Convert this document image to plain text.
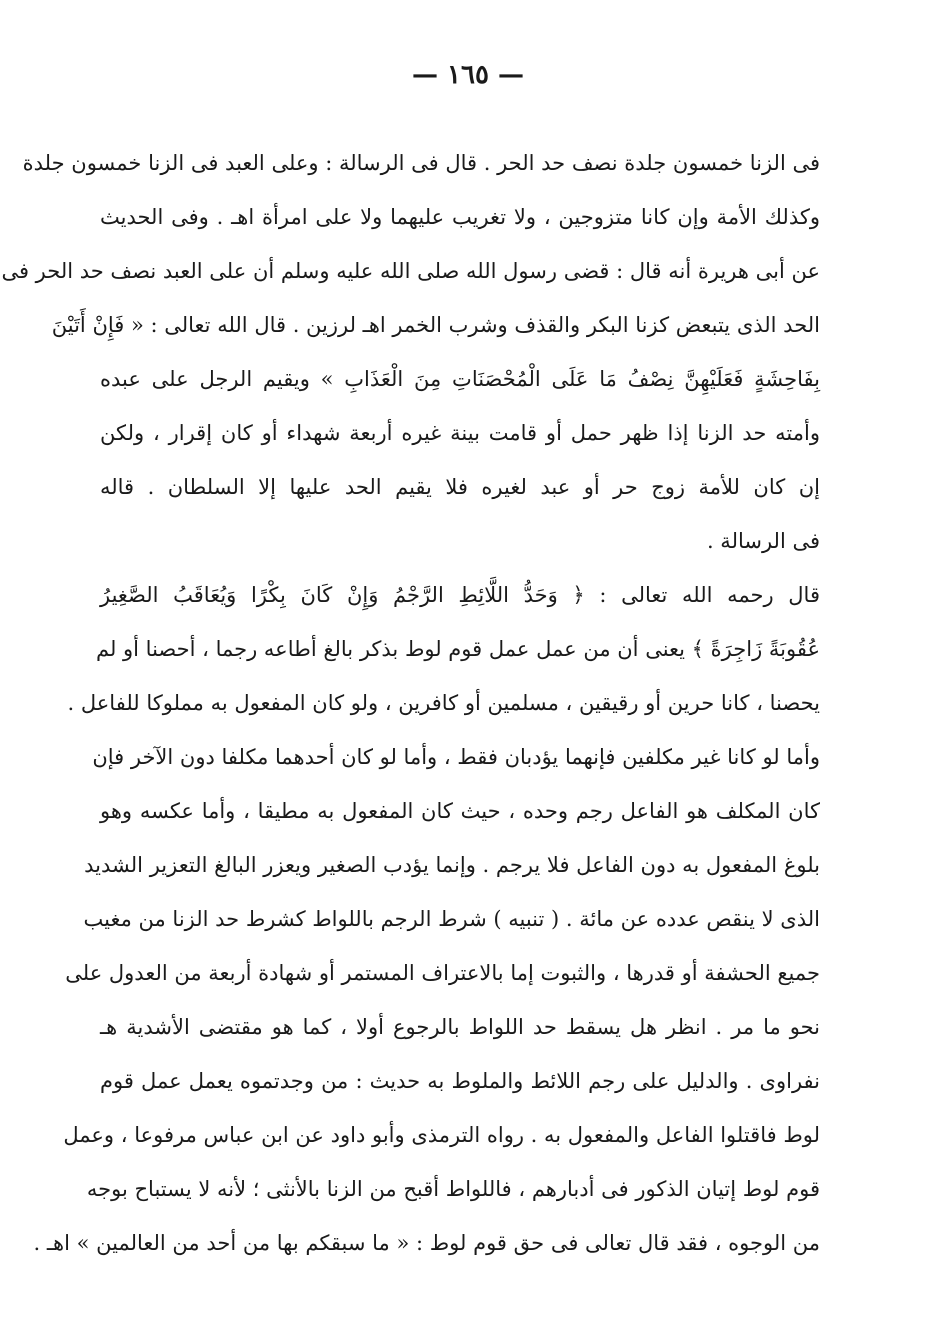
— ١٦٥ —
فى الزنا خمسون جلدة نصف حد الحر . قال فى الرسالة : وعلى العبد فى الزنا خمسون جلدة
وكذلك الأمة وإن كانا متزوجين ، ولا تغريب عليهما ولا على امرأة اهـ . وفى الحديث
عن أبى هريرة أنه قال : قضى رسول الله صلى الله عليه وسلم أن على العبد نصف حد الحر فى
الحد الذى يتبعض كزنا البكر والقذف وشرب الخمر اهـ لرزين . قال الله تعالى : « فَإِنْ أَتَيْنَ
بِفَاحِشَةٍ فَعَلَيْهِنَّ نِصْفُ مَا عَلَى الْمُحْصَنَاتِ مِنَ الْعَذَابِ » ويقيم الرجل على عبده
وأمته حد الزنا إذا ظهر حمل أو قامت بينة غيره أربعة شهداء أو كان إقرار ، ولكن
إن كان للأمة زوج حر أو عبد لغيره فلا يقيم الحد عليها إلا السلطان . قاله
فى الرسالة .
قال رحمه الله تعالى : ﴿ وَحَدُّ اللَّائِطِ الرَّجْمُ وَإِنْ كَانَ بِكْرًا وَيُعَاقَبُ الصَّغِيرُ
عُقُوبَةً زَاجِرَةً ﴾ يعنى أن من عمل عمل قوم لوط بذكر بالغ أطاعه رجما ، أحصنا أو لم
يحصنا ، كانا حرين أو رقيقين ، مسلمين أو كافرين ، ولو كان المفعول به مملوكا للفاعل .
وأما لو كانا غير مكلفين فإنهما يؤدبان فقط ، وأما لو كان أحدهما مكلفا دون الآخر فإن
كان المكلف هو الفاعل رجم وحده ، حيث كان المفعول به مطيقا ، وأما عكسه وهو
بلوغ المفعول به دون الفاعل فلا يرجم . وإنما يؤدب الصغير ويعزر البالغ التعزير الشديد
الذى لا ينقص عدده عن مائة . ( تنبيه ) شرط الرجم باللواط كشرط حد الزنا من مغيب
جميع الحشفة أو قدرها ، والثبوت إما بالاعتراف المستمر أو شهادة أربعة من العدول على
نحو ما مر . انظر هل يسقط حد اللواط بالرجوع أولا ، كما هو مقتضى الأشدية هـ
نفراوى . والدليل على رجم اللائط والملوط به حديث : من وجدتموه يعمل عمل قوم
لوط فاقتلوا الفاعل والمفعول به . رواه الترمذى وأبو داود عن ابن عباس مرفوعا ، وعمل
قوم لوط إتيان الذكور فى أدبارهم ، فاللواط أقبح من الزنا بالأنثى ؛ لأنه لا يستباح بوجه
من الوجوه ، فقد قال تعالى فى حق قوم لوط : « ما سبقكم بها من أحد من العالمين » اهـ .
